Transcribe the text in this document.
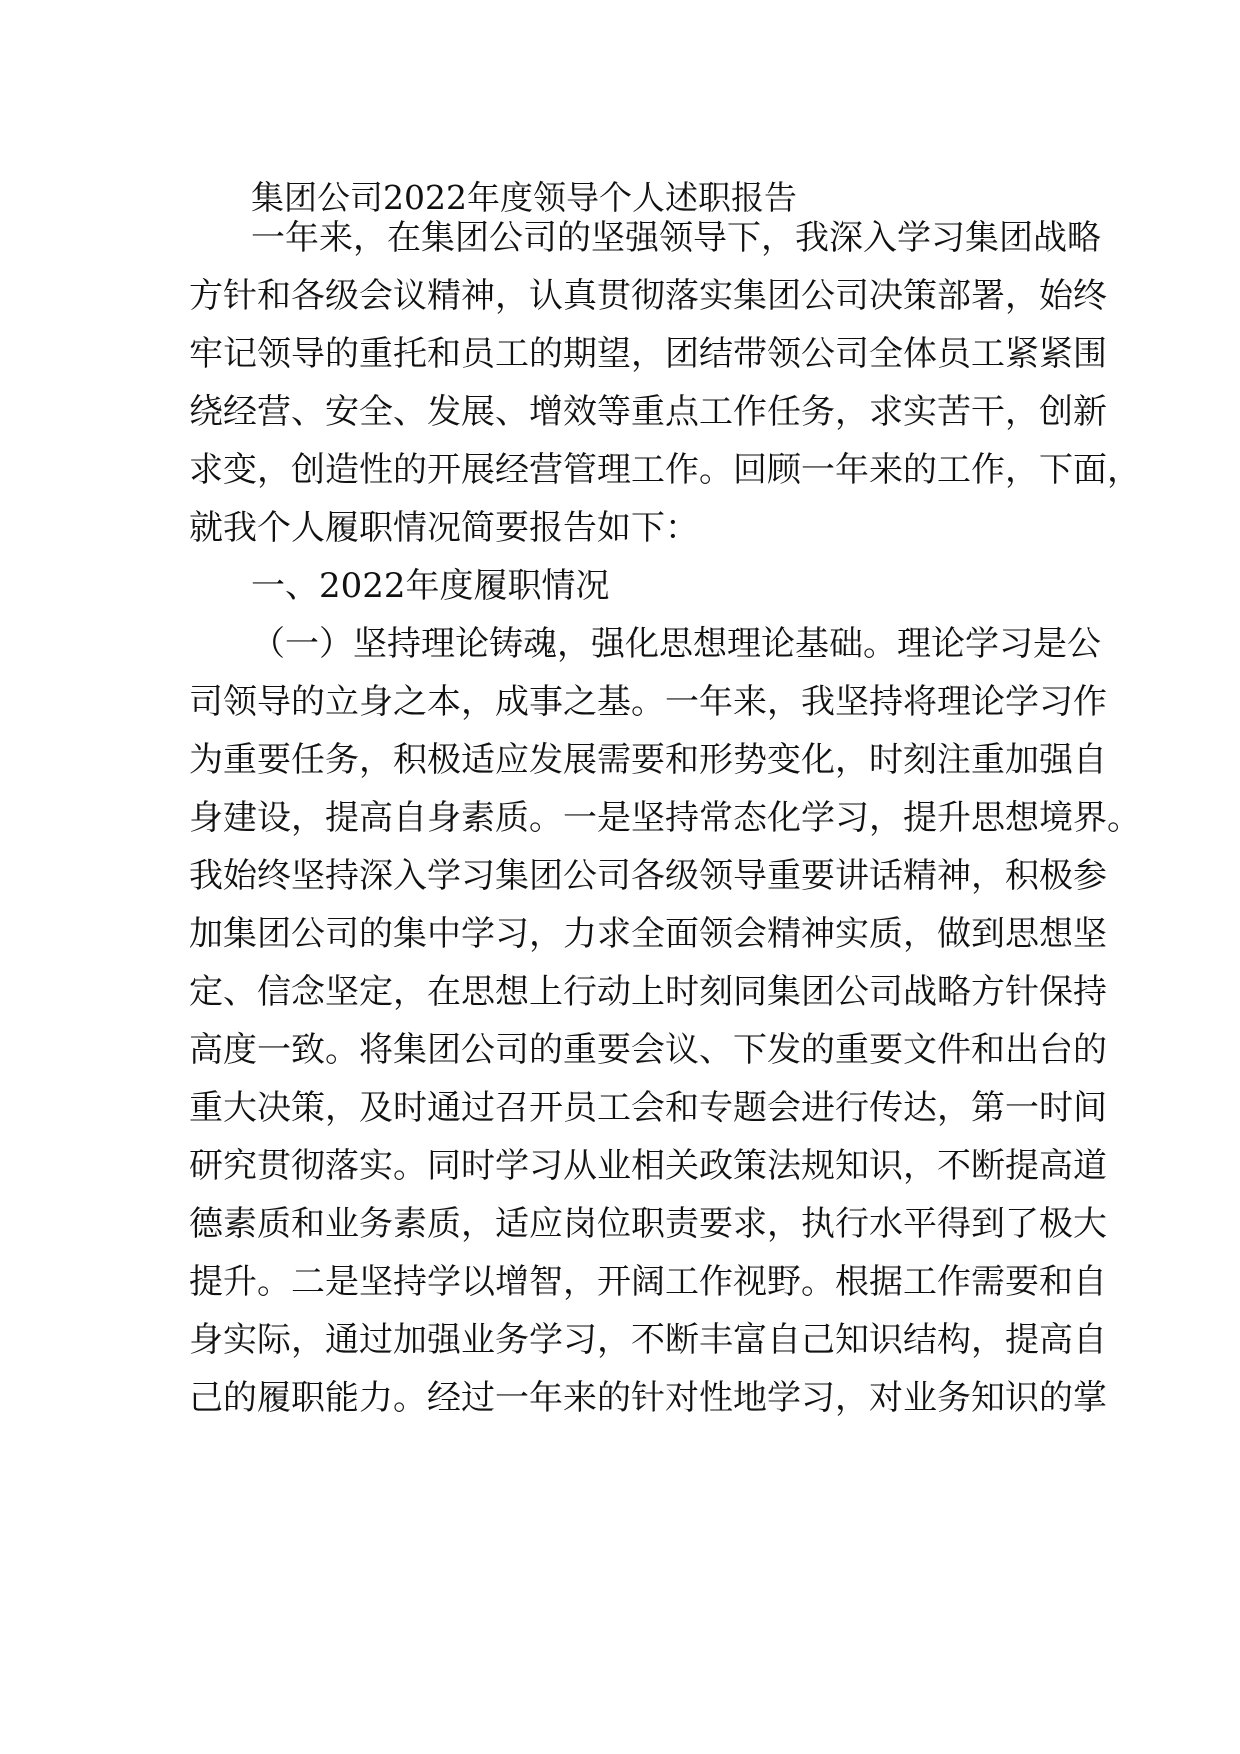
集团公司2022年度领导个人述职报告

一年来，在集团公司的坚强领导下，我深入学习集团战略

方针和各级会议精神，认真贯彻落实集团公司决策部署，始终

牢记领导的重托和员工的期望，团结带领公司全体员工紧紧围

绕经营、安全、发展、增效等重点工作任务，求实苦干，创新

求变，创造性的开展经营管理工作。回顾一年来的工作，下面，

就我个人履职情况简要报告如下：

一、2022年度履职情况

（一）坚持理论铸魂，强化思想理论基础。理论学习是公

司领导的立身之本，成事之基。一年来，我坚持将理论学习作

为重要任务，积极适应发展需要和形势变化，时刻注重加强自

身建设，提高自身素质。一是坚持常态化学习，提升思想境界。

我始终坚持深入学习集团公司各级领导重要讲话精神，积极参

加集团公司的集中学习，力求全面领会精神实质，做到思想坚

定、信念坚定，在思想上行动上时刻同集团公司战略方针保持

高度一致。将集团公司的重要会议、下发的重要文件和出台的

重大决策，及时通过召开员工会和专题会进行传达，第一时间

研究贯彻落实。同时学习从业相关政策法规知识，不断提高道

德素质和业务素质，适应岗位职责要求，执行水平得到了极大

提升。二是坚持学以增智，开阔工作视野。根据工作需要和自

身实际，通过加强业务学习，不断丰富自己知识结构，提高自

己的履职能力。经过一年来的针对性地学习，对业务知识的掌
